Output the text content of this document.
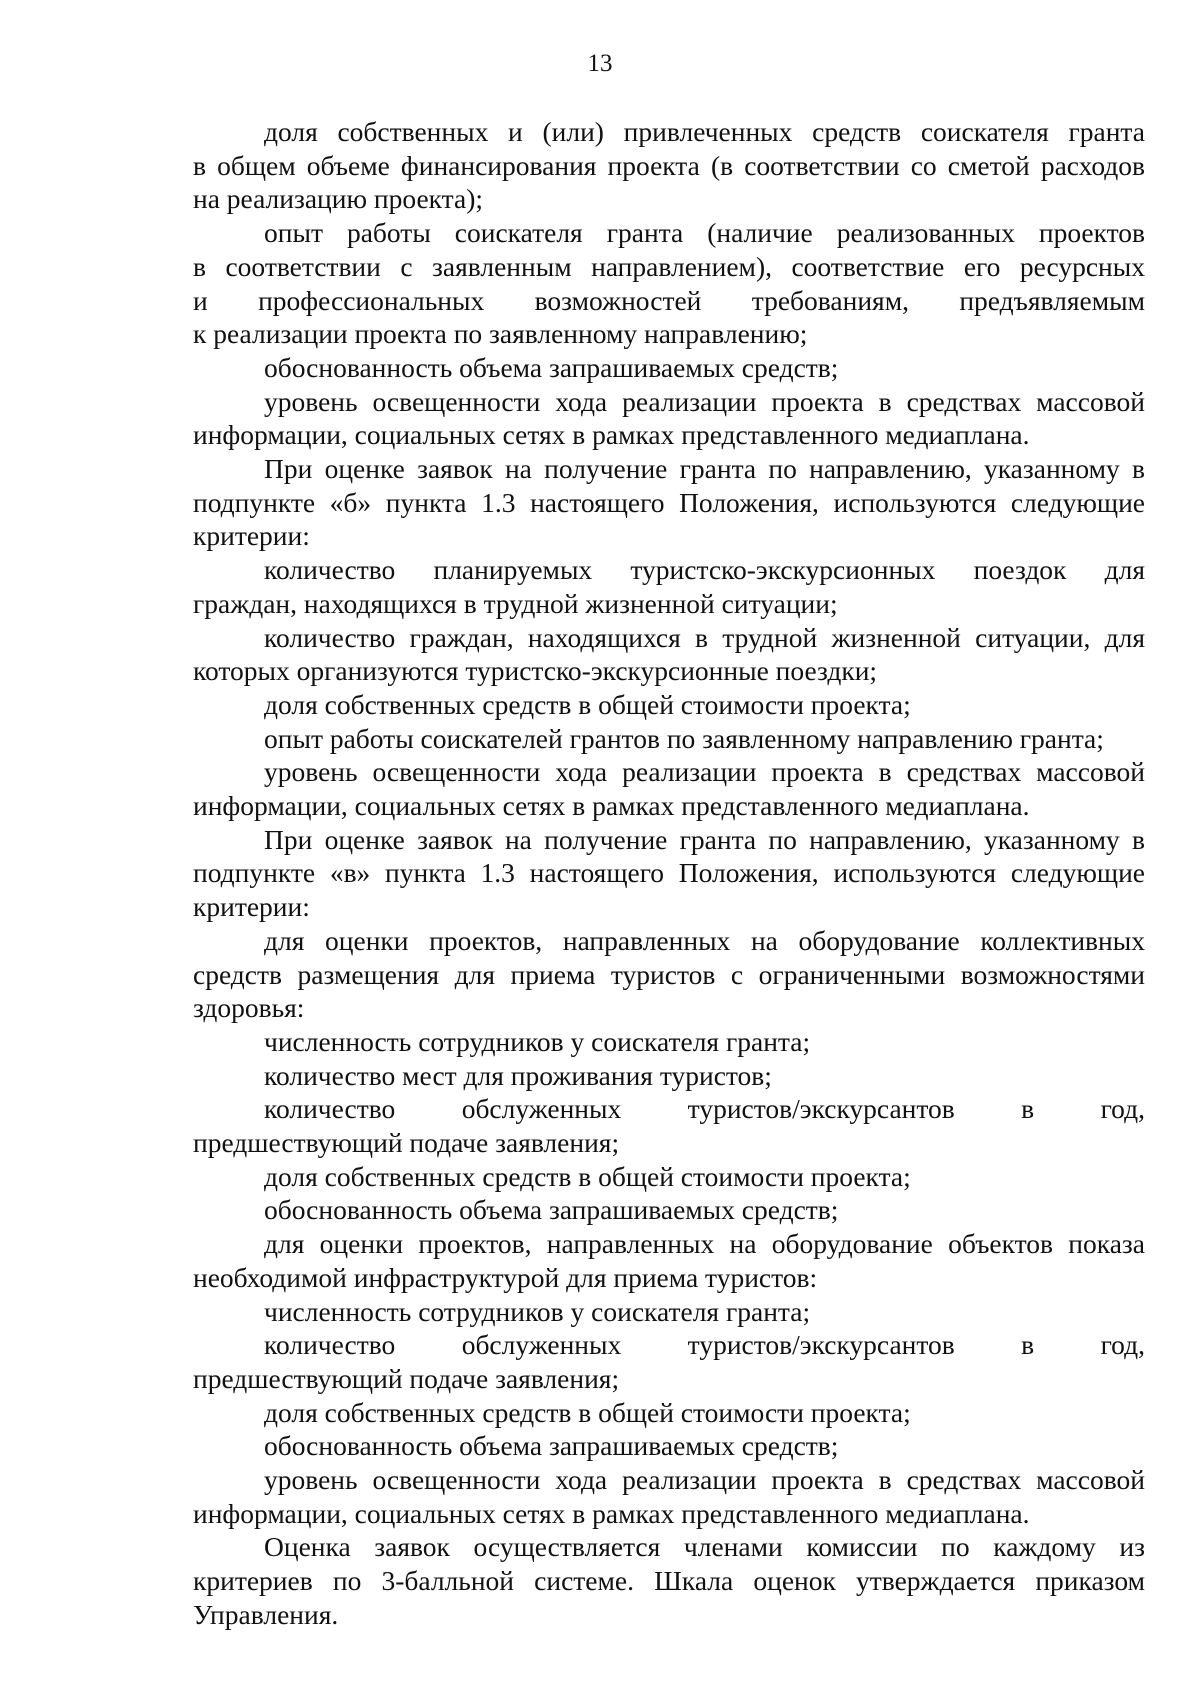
13
доля собственных и (или) привлеченных средств соискателя гранта
в общем объеме финансирования проекта (в соответствии со сметой расходов
на реализацию проекта);
опыт работы соискателя гранта (наличие реализованных проектов
в соответствии с заявленным направлением), соответствие его ресурсных
и профессиональных возможностей требованиям, предъявляемым
к реализации проекта по заявленному направлению;
обоснованность объема запрашиваемых средств;
уровень освещенности хода реализации проекта в средствах массовой
информации, социальных сетях в рамках представленного медиаплана.
При оценке заявок на получение гранта по направлению, указанному в
подпункте «б» пункта 1.3 настоящего Положения, используются следующие
критерии:
количество планируемых туристско-экскурсионных поездок для
граждан, находящихся в трудной жизненной ситуации;
количество граждан, находящихся в трудной жизненной ситуации, для
которых организуются туристско-экскурсионные поездки;
доля собственных средств в общей стоимости проекта;
опыт работы соискателей грантов по заявленному направлению гранта;
уровень освещенности хода реализации проекта в средствах массовой
информации, социальных сетях в рамках представленного медиаплана.
При оценке заявок на получение гранта по направлению, указанному в
подпункте «в» пункта 1.3 настоящего Положения, используются следующие
критерии:
для оценки проектов, направленных на оборудование коллективных
средств размещения для приема туристов с ограниченными возможностями
здоровья:
численность сотрудников у соискателя гранта;
количество мест для проживания туристов;
количество обслуженных туристов/экскурсантов в год,
предшествующий подаче заявления;
доля собственных средств в общей стоимости проекта;
обоснованность объема запрашиваемых средств;
для оценки проектов, направленных на оборудование объектов показа
необходимой инфраструктурой для приема туристов:
численность сотрудников у соискателя гранта;
количество обслуженных туристов/экскурсантов в год,
предшествующий подаче заявления;
доля собственных средств в общей стоимости проекта;
обоснованность объема запрашиваемых средств;
уровень освещенности хода реализации проекта в средствах массовой
информации, социальных сетях в рамках представленного медиаплана.
Оценка заявок осуществляется членами комиссии по каждому из
критериев по 3-балльной системе. Шкала оценок утверждается приказом
Управления.
